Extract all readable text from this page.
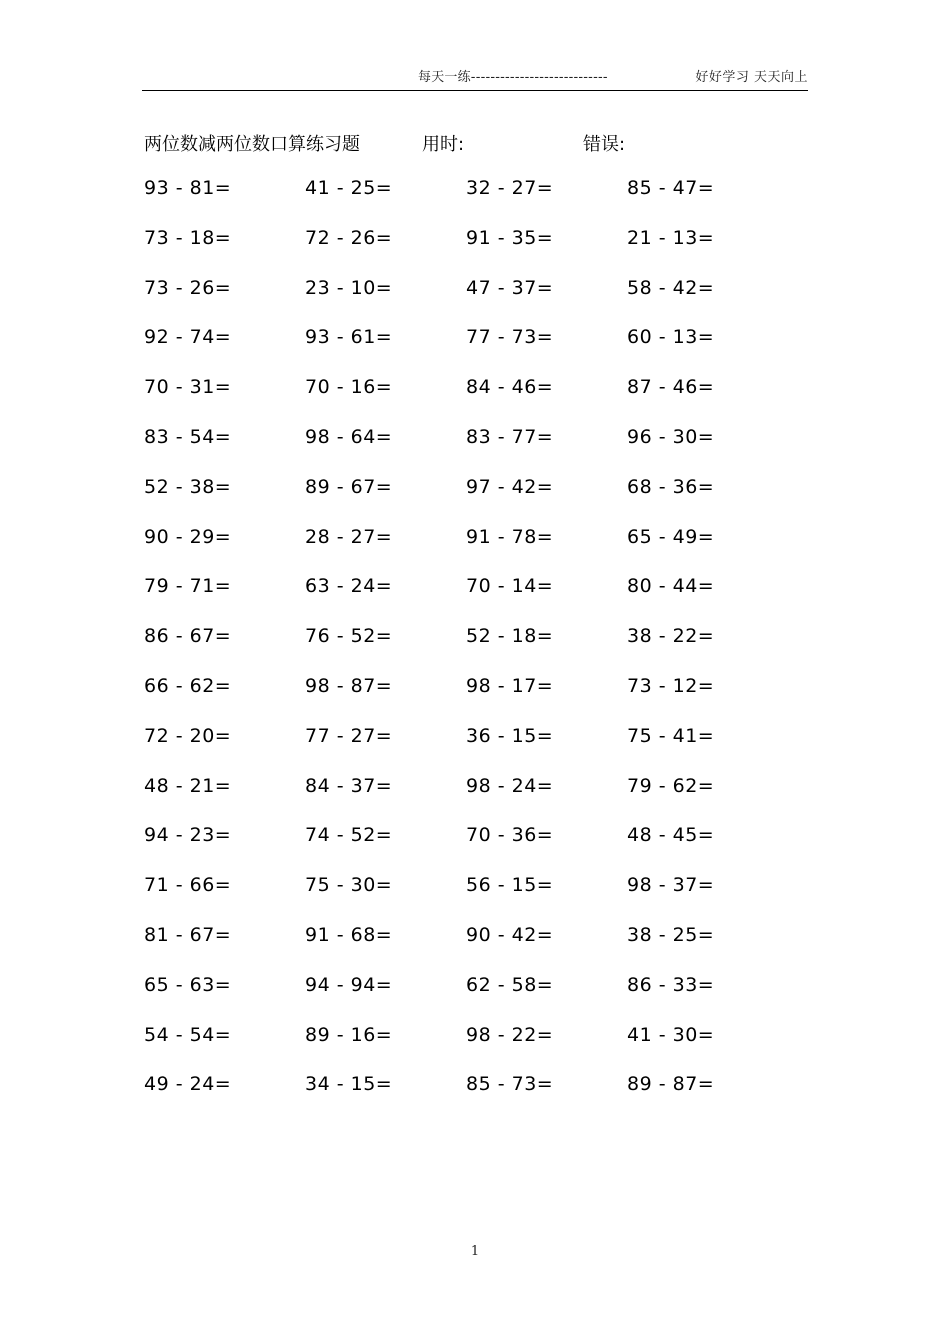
每天一练----------------------------	好好学习 天天向上
两位数减两位数口算练习题	用时:	错误:
93 - 81=	41 - 25=	32 - 27=	85 - 47=
73 - 18=	72 - 26=	91 - 35=	21 - 13=
73 - 26=	23 - 10=	47 - 37=	58 - 42=
92 - 74=	93 - 61=	77 - 73=	60 - 13=
70 - 31=	70 - 16=	84 - 46=	87 - 46=
83 - 54=	98 - 64=	83 - 77=	96 - 30=
52 - 38=	89 - 67=	97 - 42=	68 - 36=
90 - 29=	28 - 27=	91 - 78=	65 - 49=
79 - 71=	63 - 24=	70 - 14=	80 - 44=
86 - 67=	76 - 52=	52 - 18=	38 - 22=
66 - 62=	98 - 87=	98 - 17=	73 - 12=
72 - 20=	77 - 27=	36 - 15=	75 - 41=
48 - 21=	84 - 37=	98 - 24=	79 - 62=
94 - 23=	74 - 52=	70 - 36=	48 - 45=
71 - 66=	75 - 30=	56 - 15=	98 - 37=
81 - 67=	91 - 68=	90 - 42=	38 - 25=
65 - 63=	94 - 94=	62 - 58=	86 - 33=
54 - 54=	89 - 16=	98 - 22=	41 - 30=
49 - 24=	34 - 15=	85 - 73=	89 - 87=
1
